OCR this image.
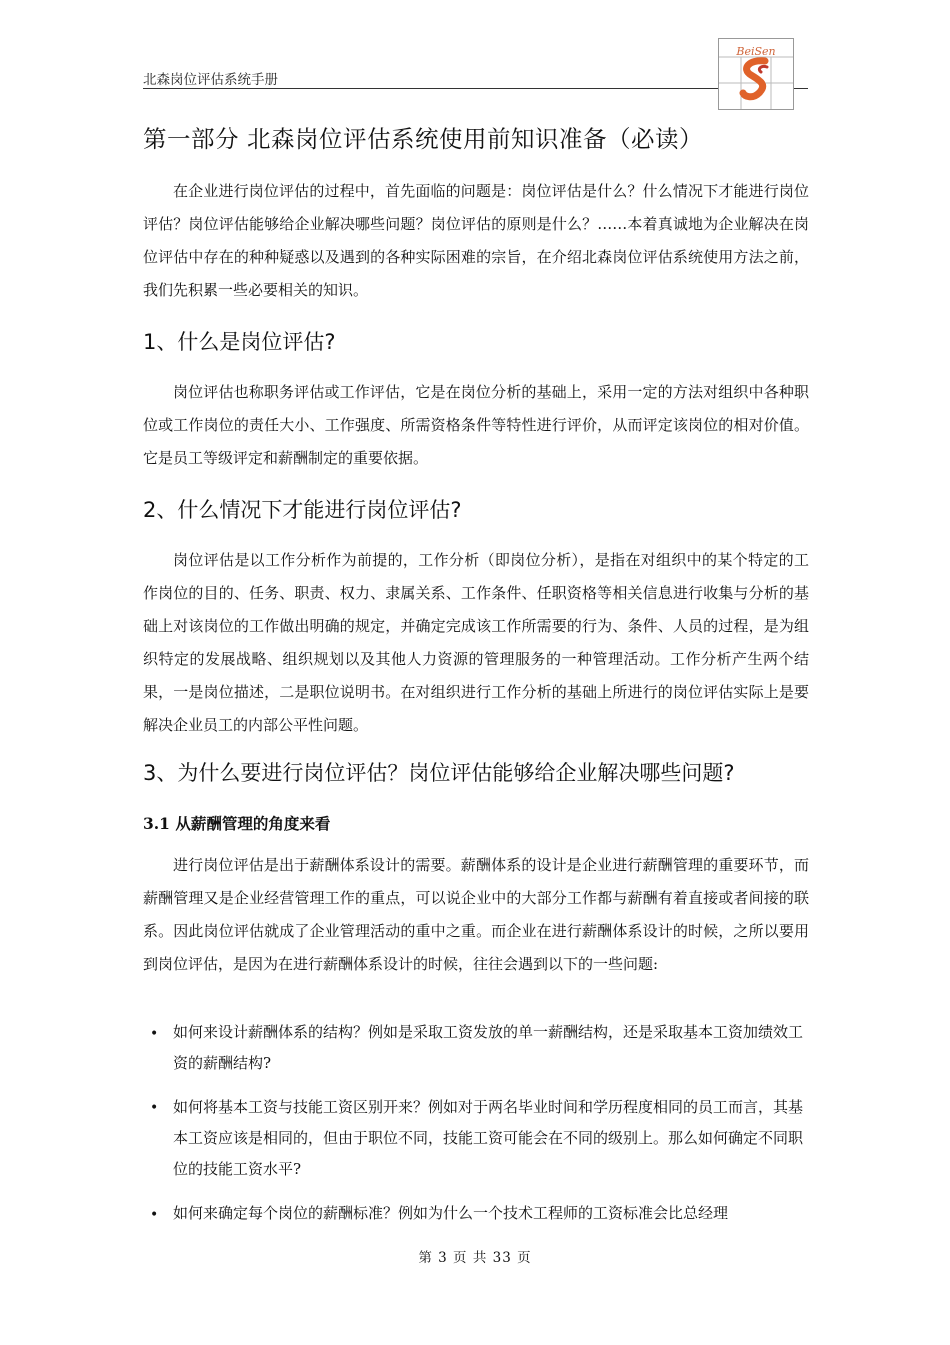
北森岗位评估系统手册
BeiSen
第一部分 北森岗位评估系统使用前知识准备（必读）
在企业进行岗位评估的过程中，首先面临的问题是：岗位评估是什么？什么情况下才能进行岗位评估？岗位评估能够给企业解决哪些问题？岗位评估的原则是什么？……本着真诚地为企业解决在岗位评估中存在的种种疑惑以及遇到的各种实际困难的宗旨，在介绍北森岗位评估系统使用方法之前，我们先积累一些必要相关的知识。
1、什么是岗位评估?
岗位评估也称职务评估或工作评估，它是在岗位分析的基础上，采用一定的方法对组织中各种职位或工作岗位的责任大小、工作强度、所需资格条件等特性进行评价，从而评定该岗位的相对价值。它是员工等级评定和薪酬制定的重要依据。
2、什么情况下才能进行岗位评估?
岗位评估是以工作分析作为前提的，工作分析（即岗位分析），是指在对组织中的某个特定的工作岗位的目的、任务、职责、权力、隶属关系、工作条件、任职资格等相关信息进行收集与分析的基础上对该岗位的工作做出明确的规定，并确定完成该工作所需要的行为、条件、人员的过程，是为组织特定的发展战略、组织规划以及其他人力资源的管理服务的一种管理活动。工作分析产生两个结果，一是岗位描述，二是职位说明书。在对组织进行工作分析的基础上所进行的岗位评估实际上是要解决企业员工的内部公平性问题。
3、为什么要进行岗位评估？岗位评估能够给企业解决哪些问题?
3.1 从薪酬管理的角度来看
进行岗位评估是出于薪酬体系设计的需要。薪酬体系的设计是企业进行薪酬管理的重要环节，而薪酬管理又是企业经营管理工作的重点，可以说企业中的大部分工作都与薪酬有着直接或者间接的联系。因此岗位评估就成了企业管理活动的重中之重。而企业在进行薪酬体系设计的时候，之所以要用到岗位评估，是因为在进行薪酬体系设计的时候，往往会遇到以下的一些问题:
• 如何来设计薪酬体系的结构？例如是采取工资发放的单一薪酬结构，还是采取基本工资加绩效工资的薪酬结构?
• 如何将基本工资与技能工资区别开来？例如对于两名毕业时间和学历程度相同的员工而言，其基本工资应该是相同的，但由于职位不同，技能工资可能会在不同的级别上。那么如何确定不同职位的技能工资水平?
• 如何来确定每个岗位的薪酬标准？例如为什么一个技术工程师的工资标准会比总经理
第 3 页 共 33 页
